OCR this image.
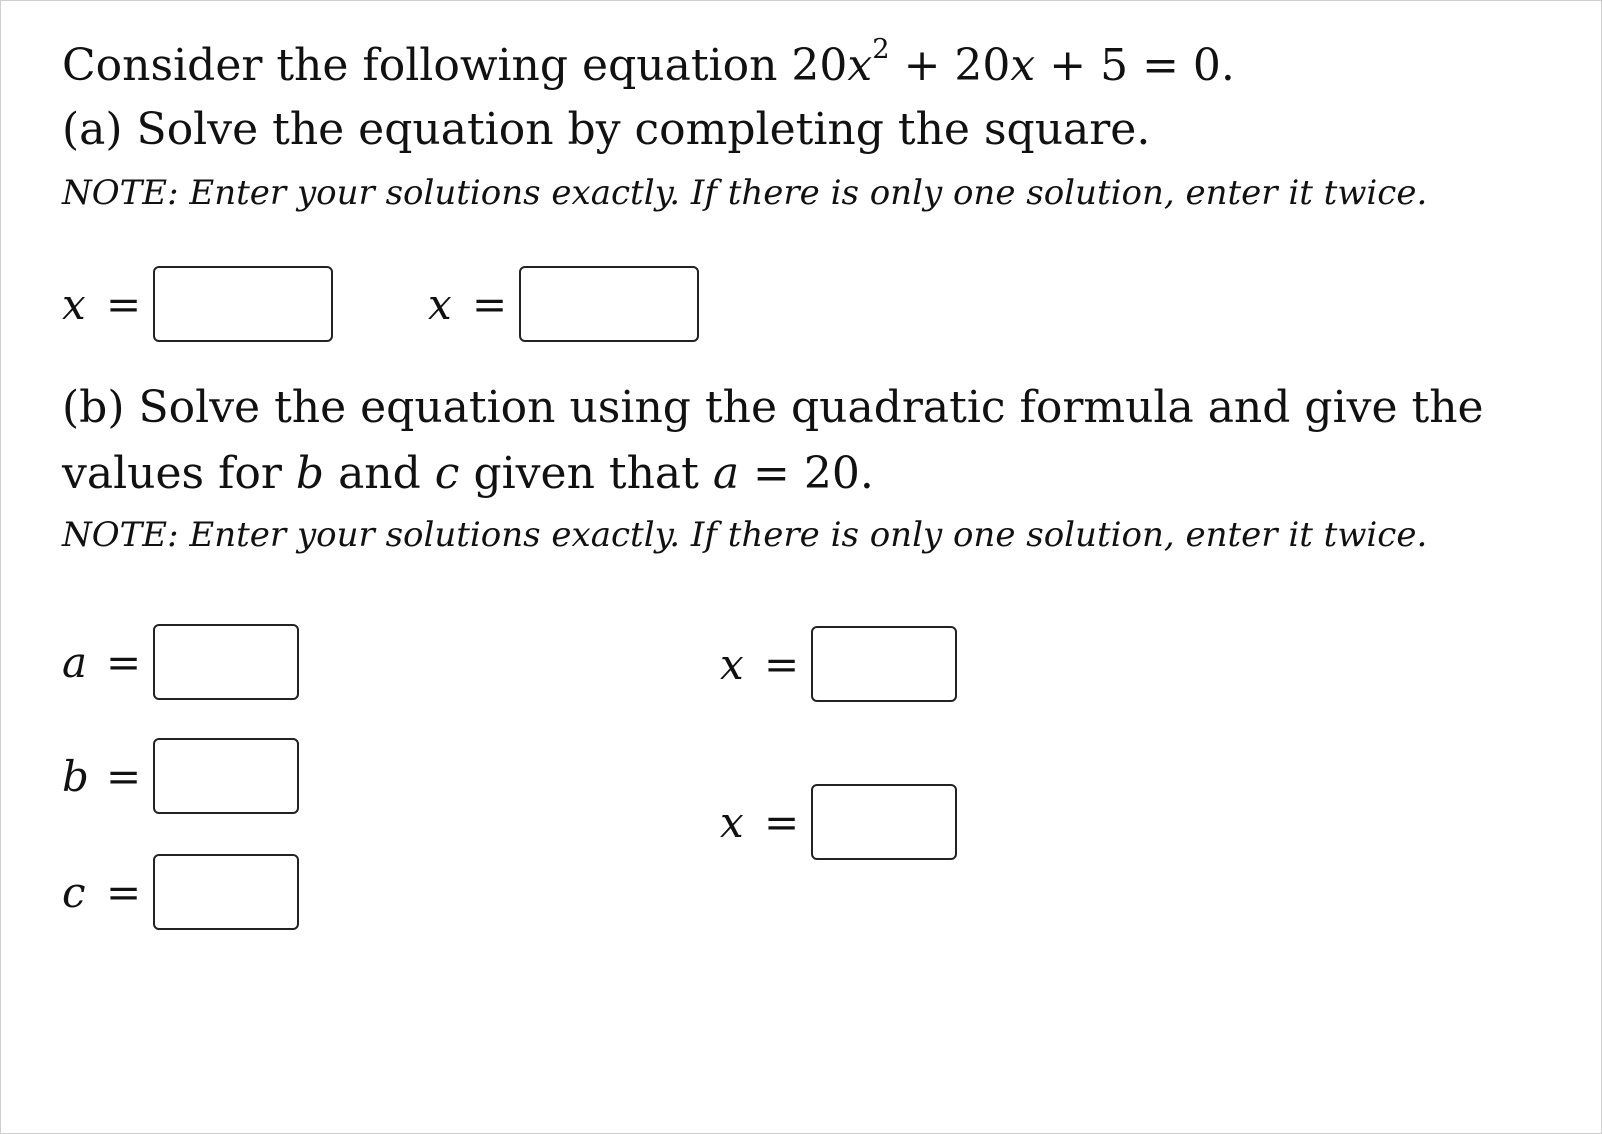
Consider the following equation $20x^2 + 20x + 5 = 0$.
(a) Solve the equation by completing the square.
NOTE: Enter your solutions exactly. If there is only one solution, enter it twice.
x =	x =
(b) Solve the equation using the quadratic formula and give the
values for b and c given that a = 20.
NOTE: Enter your solutions exactly. If there is only one solution, enter it twice.
a =
b =
c =
x =
x =
